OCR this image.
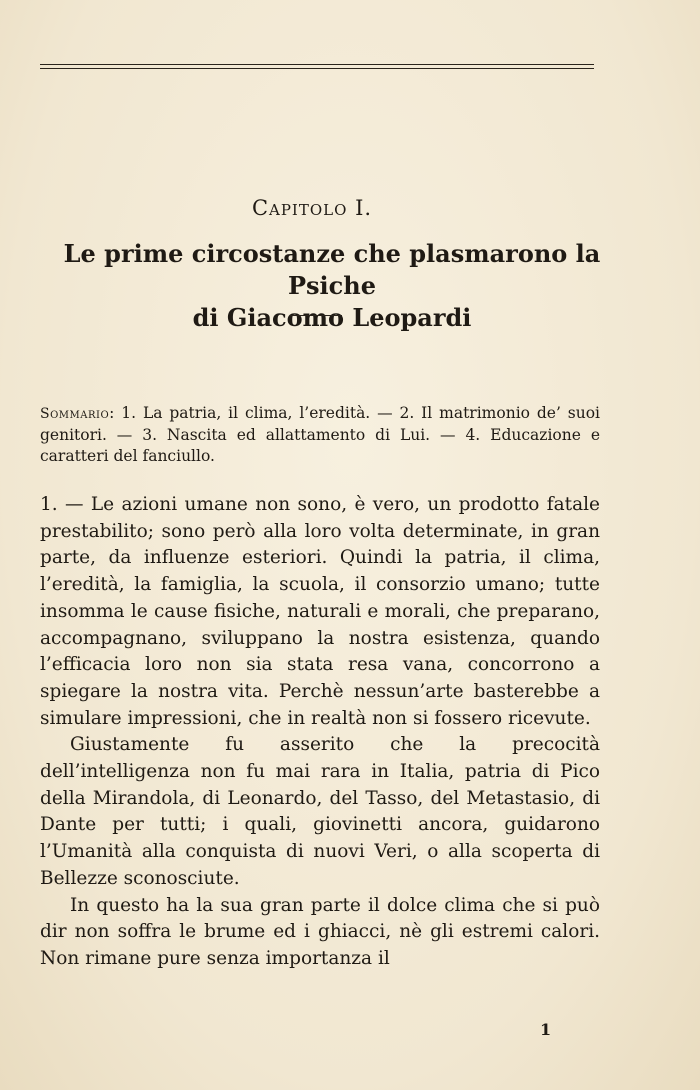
Capitolo I.
Le prime circostanze che plasmarono la Psiche
di Giacomo Leopardi
Sommario: 1. La patria, il clima, l’eredità. — 2. Il matrimonio de’ suoi genitori. — 3. Nascita ed allattamento di Lui. — 4. Educazione e caratteri del fanciullo.

1. — Le azioni umane non sono, è vero, un prodotto fatale prestabilito; sono però alla loro volta determinate, in gran parte, da influenze esteriori. Quindi la patria, il clima, l’eredità, la famiglia, la scuola, il consorzio umano; tutte insomma le cause fisiche, naturali e morali, che preparano, accompagnano, sviluppano la nostra esistenza, quando l’efficacia loro non sia stata resa vana, concorrono a spiegare la nostra vita. Perchè nessun’arte basterebbe a simulare impressioni, che in realtà non si fossero ricevute.

Giustamente fu asserito che la precocità dell’intelligenza non fu mai rara in Italia, patria di Pico della Mirandola, di Leonardo, del Tasso, del Metastasio, di Dante per tutti; i quali, giovinetti ancora, guidarono l’Umanità alla conquista di nuovi Veri, o alla scoperta di Bellezze sconosciute.

In questo ha la sua gran parte il dolce clima che si può dir non soffra le brume ed i ghiacci, nè gli estremi calori. Non rimane pure senza importanza il

1
